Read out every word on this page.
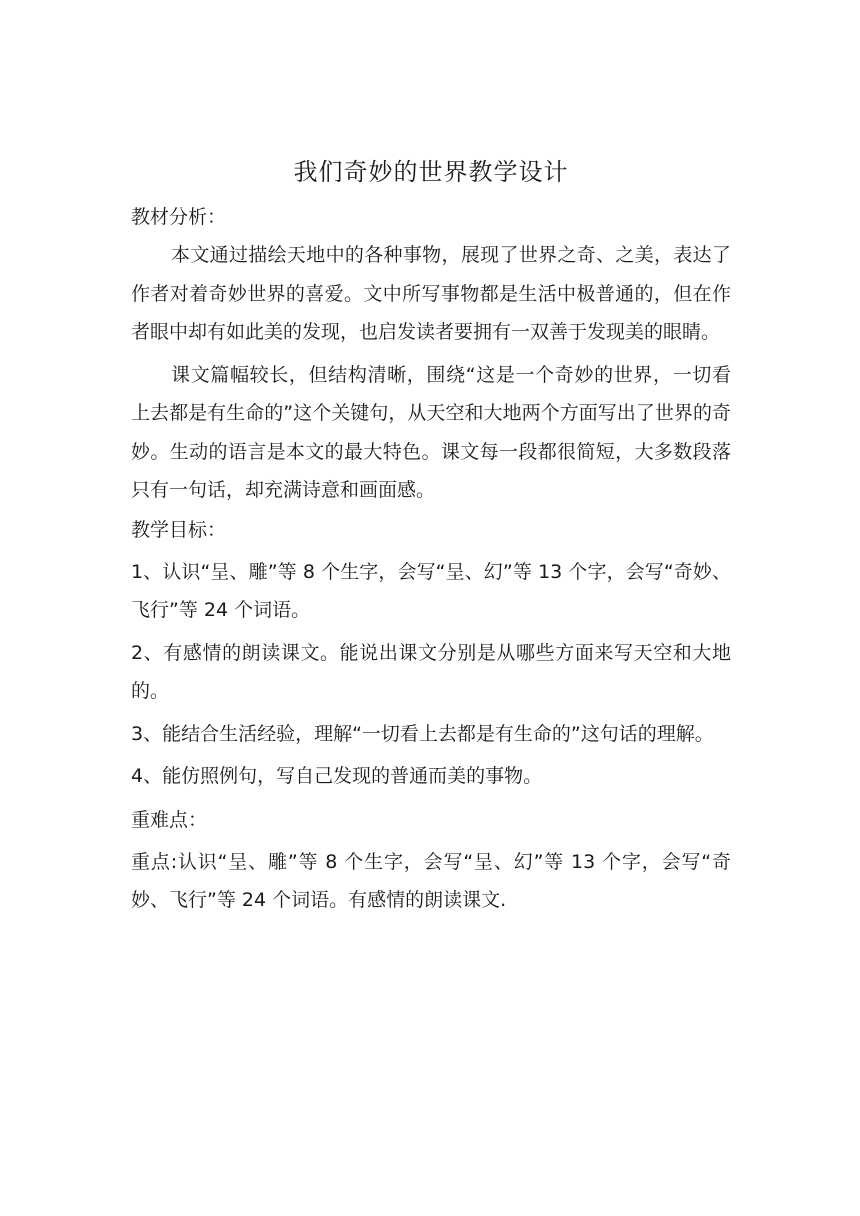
我们奇妙的世界教学设计

教材分析：

本文通过描绘天地中的各种事物，展现了世界之奇、之美，表达了作者对着奇妙世界的喜爱。文中所写事物都是生活中极普通的，但在作者眼中却有如此美的发现，也启发读者要拥有一双善于发现美的眼睛。

课文篇幅较长，但结构清晰，围绕“这是一个奇妙的世界，一切看上去都是有生命的”这个关键句，从天空和大地两个方面写出了世界的奇妙。生动的语言是本文的最大特色。课文每一段都很简短，大多数段落只有一句话，却充满诗意和画面感。

教学目标：

1、认识“呈、雕”等 8 个生字，会写“呈、幻”等 13 个字，会写“奇妙、飞行”等 24 个词语。

2、有感情的朗读课文。能说出课文分别是从哪些方面来写天空和大地的。

3、能结合生活经验，理解“一切看上去都是有生命的”这句话的理解。

4、能仿照例句，写自己发现的普通而美的事物。

重难点：

重点:认识“呈、雕”等 8 个生字，会写“呈、幻”等 13 个字，会写“奇妙、飞行”等 24 个词语。有感情的朗读课文.
